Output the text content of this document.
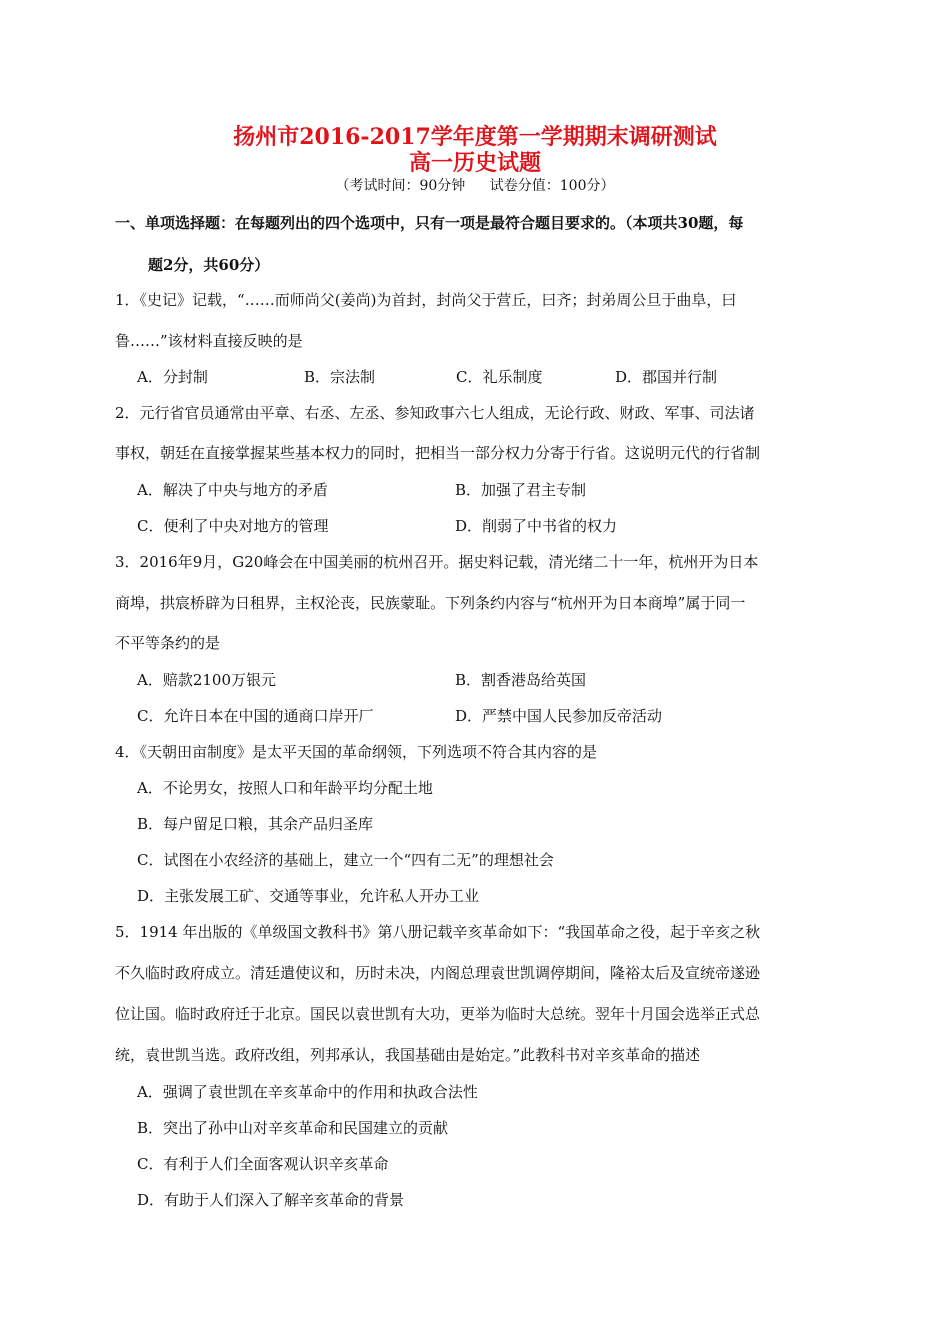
扬州市2016-2017学年度第一学期期末调研测试
高一历史试题
（考试时间：90分钟 试卷分值：100分）
一、单项选择题：在每题列出的四个选项中，只有一项是最符合题目要求的。（本项共30题，每
题2分，共60分）
1．《史记》记载，“……而师尚父(姜尚)为首封，封尚父于营丘，曰齐；封弟周公旦于曲阜，曰
鲁……”该材料直接反映的是
A．分封制	B．宗法制	C．礼乐制度	D．郡国并行制
2．元行省官员通常由平章、右丞、左丞、参知政事六七人组成，无论行政、财政、军事、司法诸
事权，朝廷在直接掌握某些基本权力的同时，把相当一部分权力分寄于行省。这说明元代的行省制
A．解决了中央与地方的矛盾	B．加强了君主专制
C．便利了中央对地方的管理	D．削弱了中书省的权力
3．2016年9月，G20峰会在中国美丽的杭州召开。据史料记载，清光绪二十一年，杭州开为日本
商埠，拱宸桥辟为日租界，主权沦丧，民族蒙耻。下列条约内容与“杭州开为日本商埠”属于同一
不平等条约的是
A．赔款2100万银元	B．割香港岛给英国
C．允许日本在中国的通商口岸开厂	D．严禁中国人民参加反帝活动
4．《天朝田亩制度》是太平天国的革命纲领，下列选项不符合其内容的是
A．不论男女，按照人口和年龄平均分配土地
B．每户留足口粮，其余产品归圣库
C．试图在小农经济的基础上，建立一个“四有二无”的理想社会
D．主张发展工矿、交通等事业，允许私人开办工业
5．1914 年出版的《单级国文教科书》第八册记载辛亥革命如下：“我国革命之役，起于辛亥之秋
不久临时政府成立。清廷遣使议和，历时未决，内阁总理袁世凯调停期间，隆裕太后及宣统帝遂逊
位让国。临时政府迁于北京。国民以袁世凯有大功，更举为临时大总统。翌年十月国会选举正式总
统，袁世凯当选。政府改组，列邦承认，我国基础由是始定。”此教科书对辛亥革命的描述
A．强调了袁世凯在辛亥革命中的作用和执政合法性
B．突出了孙中山对辛亥革命和民国建立的贡献
C．有利于人们全面客观认识辛亥革命
D．有助于人们深入了解辛亥革命的背景
